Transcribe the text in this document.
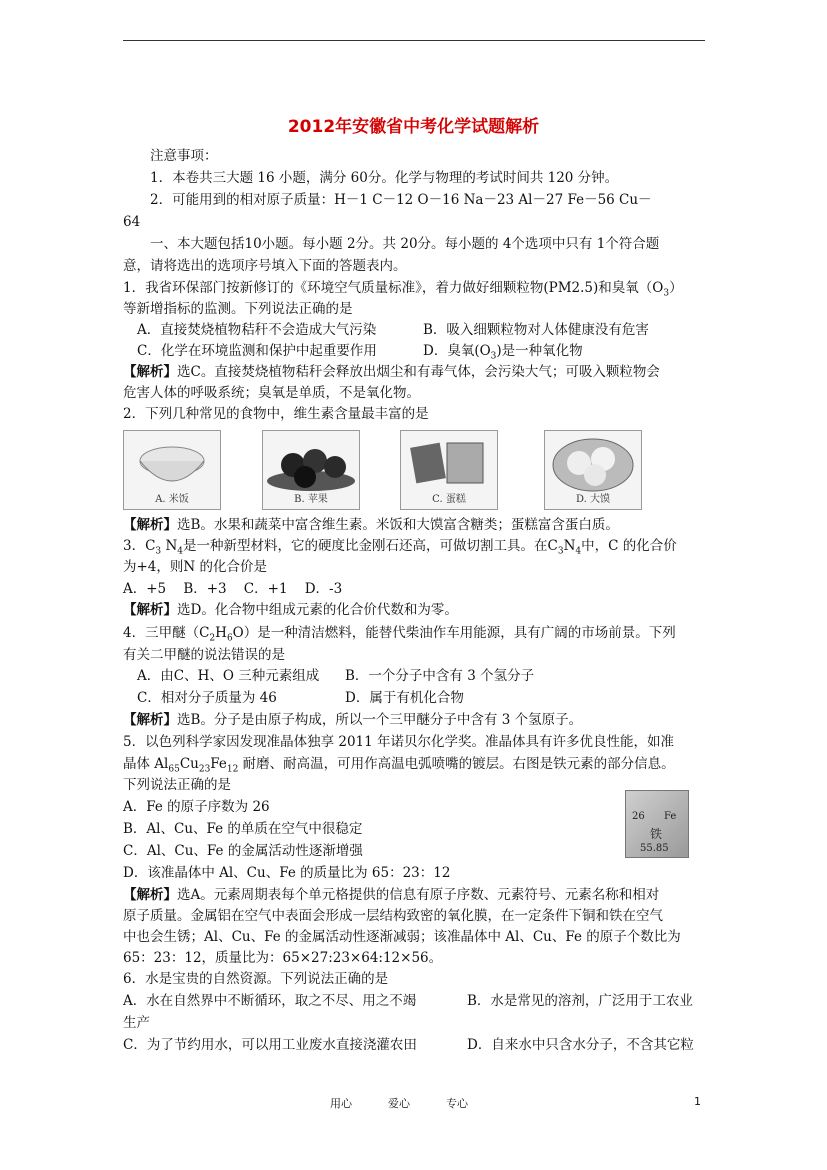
2012年安徽省中考化学试题解析
注意事项：
1．本卷共三大题 16 小题，满分 60分。化学与物理的考试时间共 120 分钟。
2．可能用到的相对原子质量：H－1 C－12 O－16 Na－23 Al－27 Fe－56 Cu－
64
一、本大题包括10小题。每小题 2分。共 20分。每小题的 4个选项中只有 1个符合题
意，请将选出的选项序号填入下面的答题表内。
1．我省环保部门按新修订的《环境空气质量标准》，着力做好细颗粒物(PM2.5)和臭氧$(O_3)$
等新增指标的监测。下列说法正确的是
A．直接焚烧植物秸秆不会造成大气污染	B．吸入细颗粒物对人体健康没有危害
C．化学在环境监测和保护中起重要作用	D．臭氧$(O_3)$是一种氧化物
【解析】选C。直接焚烧植物秸秆会释放出烟尘和有毒气体，会污染大气；可吸入颗粒物会
危害人体的呼吸系统；臭氧是单质，不是氧化物。
2．下列几种常见的食物中，维生素含量最丰富的是
A. 米饭	B. 苹果	C. 蛋糕	D. 大馍
【解析】选B。水果和蔬菜中富含维生素。米饭和大馍富含糖类；蛋糕富含蛋白质。
3．$C_3$ $N_4$是一种新型材料，它的硬度比金刚石还高，可做切割工具。在$C_3N_4$中，C 的化合价
为+4，则N 的化合价是
A．+5    B．+3    C．+1    D．-3
【解析】选D。化合物中组成元素的化合价代数和为零。
4．三甲醚$(C_2H_6O)$是一种清洁燃料，能替代柴油作车用能源，具有广阔的市场前景。下列
有关二甲醚的说法错误的是
A．由C、H、O 三种元素组成 B．一个分子中含有 3 个氢分子
C．相对分子质量为 46	D．属于有机化合物
【解析】选B。分子是由原子构成，所以一个三甲醚分子中含有 3 个氢原子。
5．以色列科学家因发现准晶体独享 2011 年诺贝尔化学奖。准晶体具有许多优良性能，如准
晶体 $Al_{65}Cu_{23}Fe_{12}$ 耐磨、耐高温，可用作高温电弧喷嘴的镀层。右图是铁元素的部分信息。
下列说法正确的是
A．Fe 的原子序数为 26
B．Al、Cu、Fe 的单质在空气中很稳定
C．Al、Cu、Fe 的金属活动性逐渐增强
D．该准晶体中 Al、Cu、Fe 的质量比为 65：23：12
26 Fe
铁
55.85
【解析】选A。元素周期表每个单元格提供的信息有原子序数、元素符号、元素名称和相对
原子质量。金属铝在空气中表面会形成一层结构致密的氧化膜，在一定条件下铜和铁在空气
中也会生锈；Al、Cu、Fe 的金属活动性逐渐减弱；该准晶体中 Al、Cu、Fe 的原子个数比为
65：23：12，质量比为：65×27:23×64:12×56。
6．水是宝贵的自然资源。下列说法正确的是
A．水在自然界中不断循环，取之不尽、用之不竭	B．水是常见的溶剂，广泛用于工农业
生产
C．为了节约用水，可以用工业废水直接浇灌农田	D．自来水中只含水分子，不含其它粒
用心	爱心	专心	1
